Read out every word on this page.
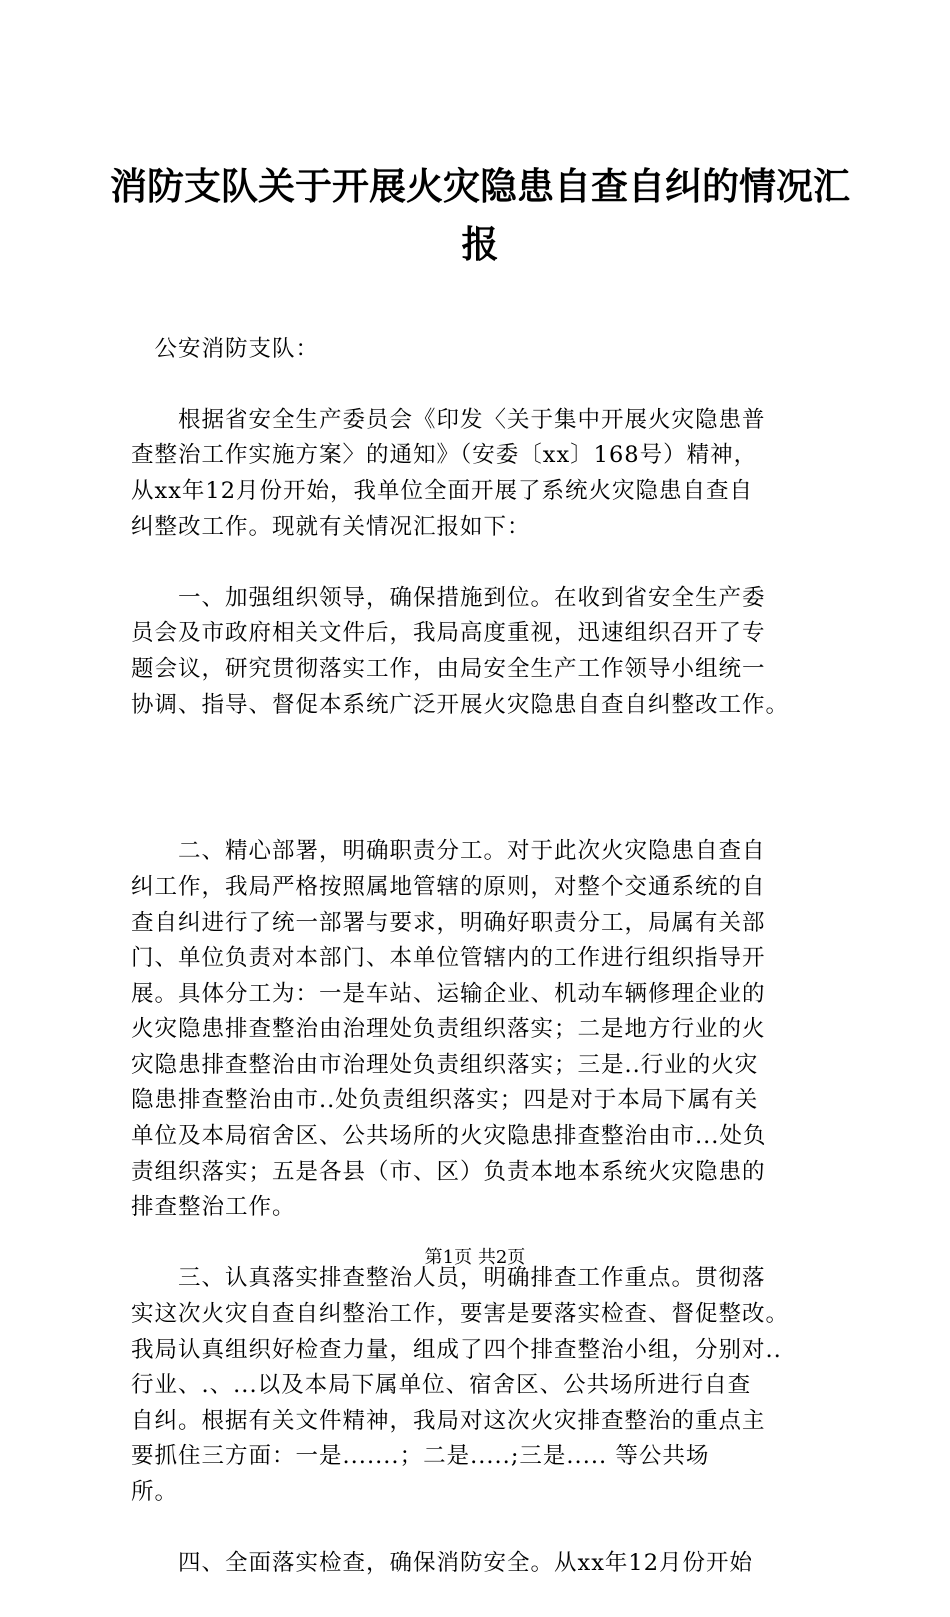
消防支队关于开展火灾隐患自查自纠的情况汇
报

　公安消防支队：

　　根据省安全生产委员会《印发〈关于集中开展火灾隐患普
查整治工作实施方案〉的通知》（安委〔xx〕168号）精神，
从xx年12月份开始，我单位全面开展了系统火灾隐患自查自
纠整改工作。现就有关情况汇报如下：

　　一、加强组织领导，确保措施到位。在收到省安全生产委
员会及市政府相关文件后，我局高度重视，迅速组织召开了专
题会议，研究贯彻落实工作，由局安全生产工作领导小组统一
协调、指导、督促本系统广泛开展火灾隐患自查自纠整改工作。

　　二、精心部署，明确职责分工。对于此次火灾隐患自查自
纠工作，我局严格按照属地管辖的原则，对整个交通系统的自
查自纠进行了统一部署与要求，明确好职责分工，局属有关部
门、单位负责对本部门、本单位管辖内的工作进行组织指导开
展。具体分工为：一是车站、运输企业、机动车辆修理企业的
火灾隐患排查整治由治理处负责组织落实；二是地方行业的火
灾隐患排查整治由市治理处负责组织落实；三是..行业的火灾
隐患排查整治由市..处负责组织落实；四是对于本局下属有关
单位及本局宿舍区、公共场所的火灾隐患排查整治由市...处负
责组织落实；五是各县（市、区）负责本地本系统火灾隐患的
排查整治工作。

　　三、认真落实排查整治人员，明确排查工作重点。贯彻落
实这次火灾自查自纠整治工作，要害是要落实检查、督促整改。
我局认真组织好检查力量，组成了四个排查整治小组，分别对..
行业、.、...以及本局下属单位、宿舍区、公共场所进行自查
自纠。根据有关文件精神，我局对这次火灾排查整治的重点主
要抓住三方面：一是.......；二是.....;三是..... 等公共场
所。

　　四、全面落实检查，确保消防安全。从xx年12月份开始

第1页 共2页
